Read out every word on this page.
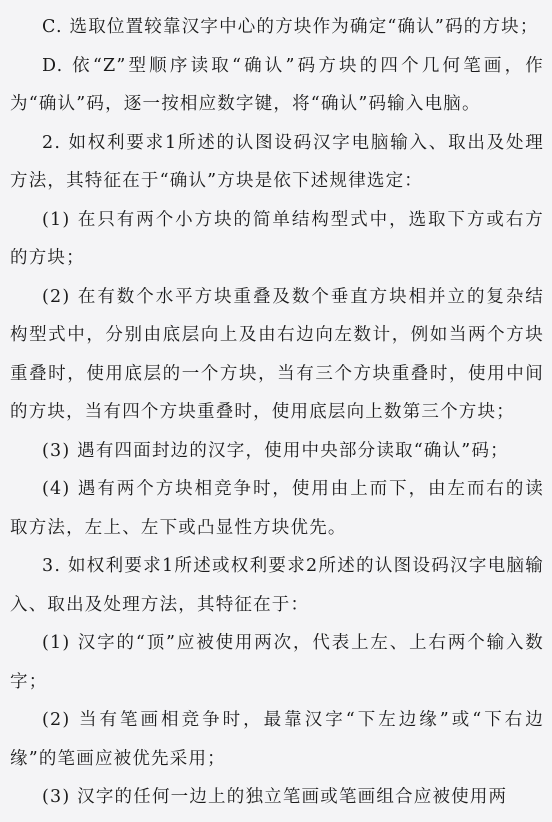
C. 选取位置较靠汉字中心的方块作为确定“确认”码的方块；

D. 依“Z”型顺序读取“确认”码方块的四个几何笔画，作为“确认”码，逐一按相应数字键，将“确认”码输入电脑。

2. 如权利要求1所述的认图设码汉字电脑输入、取出及处理方法，其特征在于“确认”方块是依下述规律选定：

(1) 在只有两个小方块的简单结构型式中，选取下方或右方的方块；

(2) 在有数个水平方块重叠及数个垂直方块相并立的复杂结构型式中，分别由底层向上及由右边向左数计，例如当两个方块重叠时，使用底层的一个方块，当有三个方块重叠时，使用中间的方块，当有四个方块重叠时，使用底层向上数第三个方块；

(3) 遇有四面封边的汉字，使用中央部分读取“确认”码；

(4) 遇有两个方块相竞争时，使用由上而下，由左而右的读取方法，左上、左下或凸显性方块优先。

3. 如权利要求1所述或权利要求2所述的认图设码汉字电脑输入、取出及处理方法，其特征在于：

(1) 汉字的“顶”应被使用两次，代表上左、上右两个输入数字；

(2) 当有笔画相竞争时，最靠汉字“下左边缘”或“下右边缘”的笔画应被优先采用；

(3) 汉字的任何一边上的独立笔画或笔画组合应被使用两
